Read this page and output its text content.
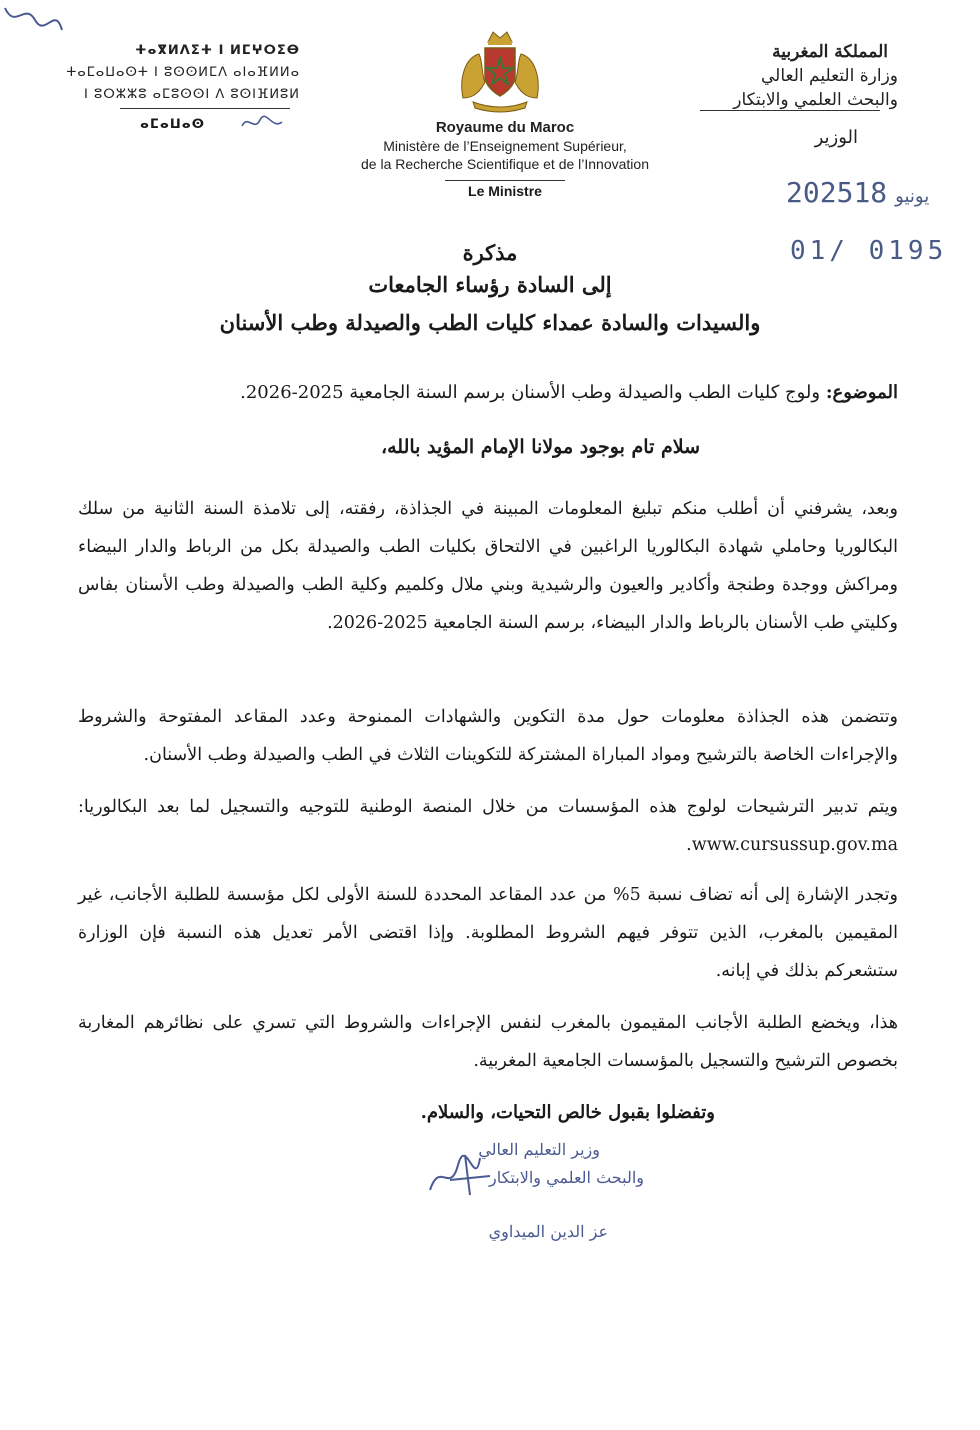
المملكة المغربية
وزارة التعليم العالي
والبحث العلمي والابتكار
الوزير
ⵜⴰⴳⵍⴷⵉⵜ ⵏ ⵍⵎⵖⵔⵉⴱ
ⵜⴰⵎⴰⵡⴰⵙⵜ ⵏ ⵓⵙⵙⵍⵎⴷ ⴰⵏⴰⴼⵍⵍⴰ
ⵏ ⵓⵔⵣⵣⵓ ⴰⵎⵓⵙⵙⵏ ⴷ ⵓⵙⵏⴼⵍⵓⵍ
ⴰⵎⴰⵡⴰⵙ	Royaume du Maroc
Ministère de l’Enseignement Supérieur,
de la Recherche Scientifique et de l’Innovation
Le Ministre	2025 يونيو18
01/ 0195
مذكرة
إلى السادة رؤساء الجامعات
والسيدات والسادة عمداء كليات الطب والصيدلة وطب الأسنان
الموضوع: ولوج كليات الطب والصيدلة وطب الأسنان برسم السنة الجامعية 2025-2026.
سلام تام بوجود مولانا الإمام المؤيد بالله،
وبعد، يشرفني أن أطلب منكم تبليغ المعلومات المبينة في الجذاذة، رفقته، إلى تلامذة السنة الثانية من سلك البكالوريا وحاملي شهادة البكالوريا الراغبين في الالتحاق بكليات الطب والصيدلة بكل من الرباط والدار البيضاء ومراكش ووجدة وطنجة وأكادير والعيون والرشيدية وبني ملال وكلميم وكلية الطب والصيدلة وطب الأسنان بفاس وكليتي طب الأسنان بالرباط والدار البيضاء، برسم السنة الجامعية 2025-2026.
وتتضمن هذه الجذاذة معلومات حول مدة التكوين والشهادات الممنوحة وعدد المقاعد المفتوحة والشروط والإجراءات الخاصة بالترشيح ومواد المباراة المشتركة للتكوينات الثلاث في الطب والصيدلة وطب الأسنان.
ويتم تدبير الترشيحات لولوج هذه المؤسسات من خلال المنصة الوطنية للتوجيه والتسجيل لما بعد البكالوريا: www.cursussup.gov.ma.
وتجدر الإشارة إلى أنه تضاف نسبة 5% من عدد المقاعد المحددة للسنة الأولى لكل مؤسسة للطلبة الأجانب، غير المقيمين بالمغرب، الذين تتوفر فيهم الشروط المطلوبة. وإذا اقتضى الأمر تعديل هذه النسبة فإن الوزارة ستشعركم بذلك في إبانه.
هذا، ويخضع الطلبة الأجانب المقيمون بالمغرب لنفس الإجراءات والشروط التي تسري على نظائرهم المغاربة بخصوص الترشيح والتسجيل بالمؤسسات الجامعية المغربية.
وتفضلوا بقبول خالص التحيات، والسلام.
وزير التعليم العالي
والبحث العلمي والابتكار
عز الدين الميداوي
